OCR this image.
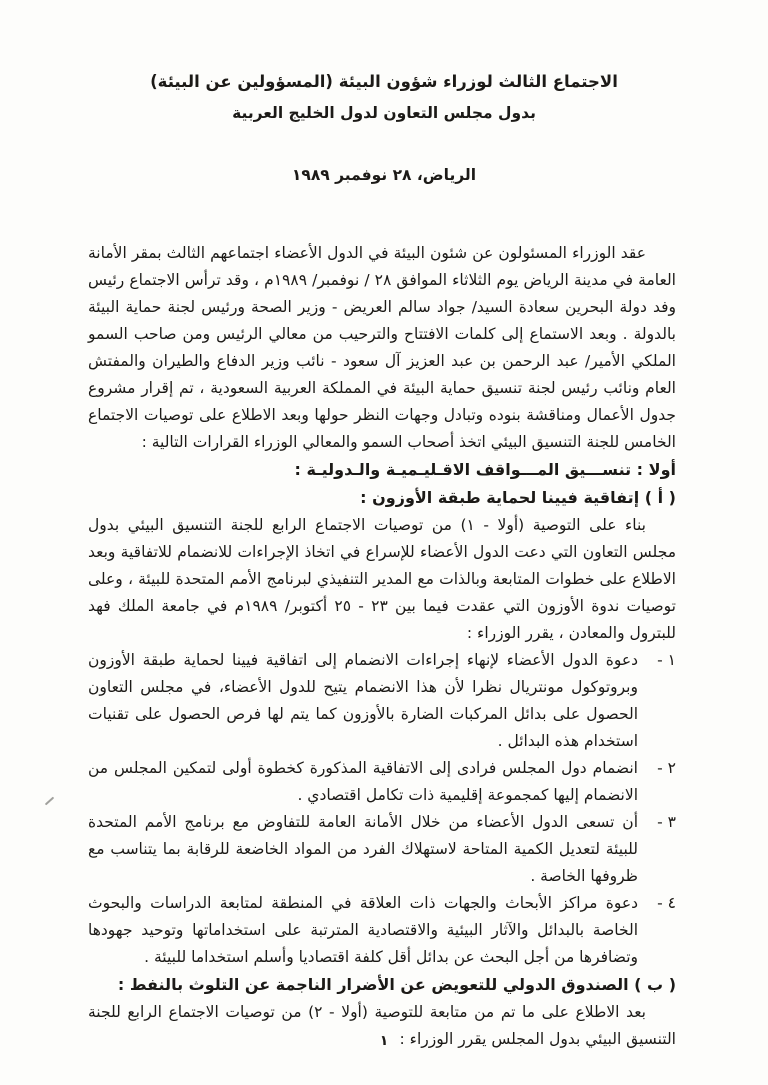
الاجتماع الثالث لوزراء شؤون البيئة (المسؤولين عن البيئة)
بدول مجلس التعاون لدول الخليج العربية
الرياض، ٢٨ نوفمبر ١٩٨٩

عقد الوزراء المسئولون عن شئون البيئة في الدول الأعضاء اجتماعهم الثالث بمقر الأمانة العامة في مدينة الرياض يوم الثلاثاء الموافق ٢٨ / نوفمبر/ ١٩٨٩م ، وقد ترأس الاجتماع رئيس وفد دولة البحرين سعادة السيد/ جواد سالم العريض - وزير الصحة ورئيس لجنة حماية البيئة بالدولة . وبعد الاستماع إلى كلمات الافتتاح والترحيب من معالي الرئيس ومن صاحب السمو الملكي الأمير/ عبد الرحمن بن عبد العزيز آل سعود - نائب وزير الدفاع والطيران والمفتش العام ونائب رئيس لجنة تنسيق حماية البيئة في المملكة العربية السعودية ، تم إقرار مشروع جدول الأعمال ومناقشة بنوده وتبادل وجهات النظر حولها وبعد الاطلاع على توصيات الاجتماع الخامس للجنة التنسيق البيئي اتخذ أصحاب السمو والمعالي الوزراء القرارات التالية :

أولا : تنســـيق المـــواقف الاقـليـميـة والـدوليـة :
( أ ) إتفاقية فيينا لحماية طبقة الأوزون :

بناء على التوصية (أولا - ١) من توصيات الاجتماع الرابع للجنة التنسيق البيئي بدول مجلس التعاون التي دعت الدول الأعضاء للإسراع في اتخاذ الإجراءات للانضمام للاتفاقية وبعد الاطلاع على خطوات المتابعة وبالذات مع المدير التنفيذي لبرنامج الأمم المتحدة للبيئة ، وعلى توصيات ندوة الأوزون التي عقدت فيما بين ٢٣ - ٢٥ أكتوبر/ ١٩٨٩م في جامعة الملك فهد للبترول والمعادن ، يقرر الوزراء :

١ -
دعوة الدول الأعضاء لإنهاء إجراءات الانضمام إلى اتفاقية فيينا لحماية طبقة الأوزون وبروتوكول مونتريال نظرا لأن هذا الانضمام يتيح للدول الأعضاء، في مجلس التعاون الحصول على بدائل المركبات الضارة بالأوزون كما يتم لها فرص الحصول على تقنيات استخدام هذه البدائل .
٢ -
انضمام دول المجلس فرادى إلى الاتفاقية المذكورة كخطوة أولى لتمكين المجلس من الانضمام إليها كمجموعة إقليمية ذات تكامل اقتصادي .
٣ -
أن تسعى الدول الأعضاء من خلال الأمانة العامة للتفاوض مع برنامج الأمم المتحدة للبيئة لتعديل الكمية المتاحة لاستهلاك الفرد من المواد الخاضعة للرقابة بما يتناسب مع ظروفها الخاصة .
٤ -
دعوة مراكز الأبحاث والجهات ذات العلاقة في المنطقة لمتابعة الدراسات والبحوث الخاصة بالبدائل والآثار البيئية والاقتصادية المترتبة على استخداماتها وتوحيد جهودها وتضافرها من أجل البحث عن بدائل أقل كلفة اقتصاديا وأسلم استخداما للبيئة .
( ب ) الصندوق الدولي للتعويض عن الأضرار الناجمة عن التلوث بالنفط :

بعد الاطلاع على ما تم من متابعة للتوصية (أولا - ٢) من توصيات الاجتماع الرابع للجنة التنسيق البيئي بدول المجلس يقرر الوزراء :

١
